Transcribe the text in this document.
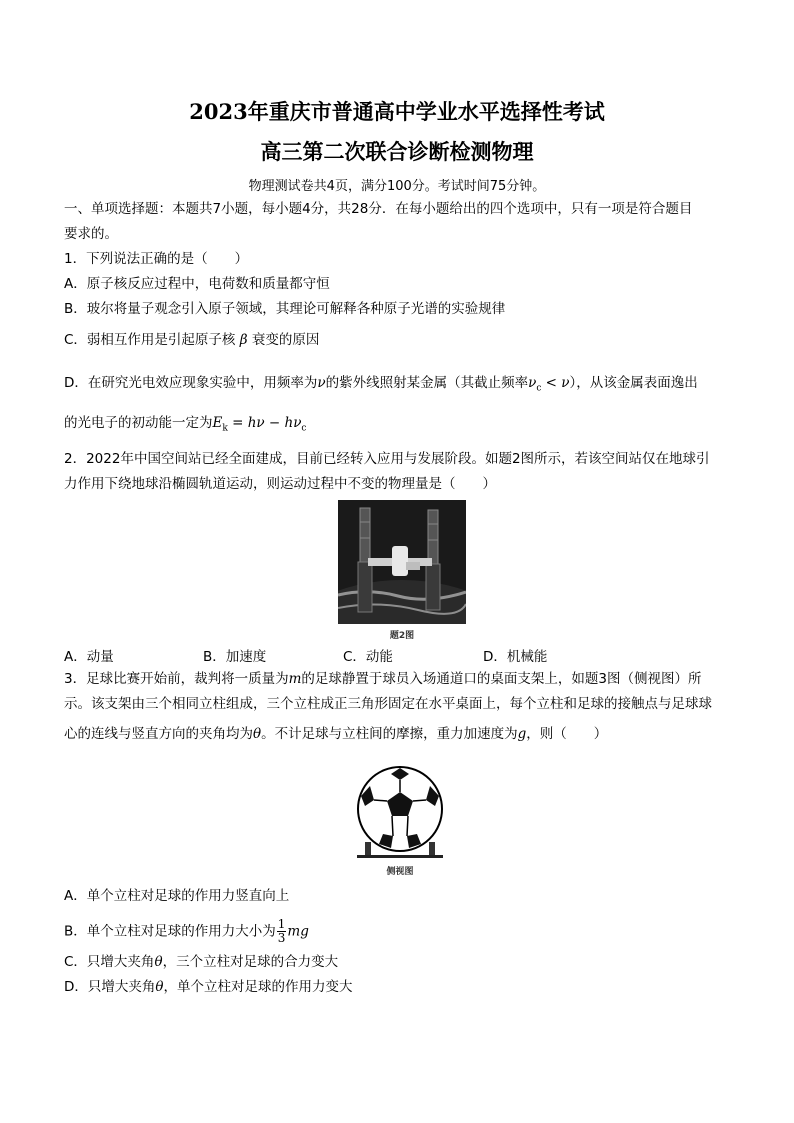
2023年重庆市普通高中学业水平选择性考试
高三第二次联合诊断检测物理
物理测试卷共4页，满分100分。考试时间75分钟。
一、单项选择题：本题共7小题，每小题4分，共28分．在每小题给出的四个选项中，只有一项是符合题目
要求的。
1．下列说法正确的是（　　）
A．原子核反应过程中，电荷数和质量都守恒
B．玻尔将量子观念引入原子领域，其理论可解释各种原子光谱的实验规律
C．弱相互作用是引起原子核 β 衰变的原因
D．在研究光电效应现象实验中，用频率为ν的紫外线照射某金属（其截止频率$\nu_c < \nu$），从该金属表面逸出
的光电子的初动能一定为$E_k = h\nu - h\nu_c$
2．2022年中国空间站已经全面建成，目前已经转入应用与发展阶段。如题2图所示，若该空间站仅在地球引
力作用下绕地球沿椭圆轨道运动，则运动过程中不变的物理量是（　　）
题2图
A．动量	B．加速度	C．动能	D．机械能
3．足球比赛开始前，裁判将一质量为m的足球静置于球员入场通道口的桌面支架上，如题3图（侧视图）所
示。该支架由三个相同立柱组成，三个立柱成正三角形固定在水平桌面上，每个立柱和足球的接触点与足球球
心的连线与竖直方向的夹角均为θ。不计足球与立柱间的摩擦，重力加速度为g，则（　　）
侧视图
A．单个立柱对足球的作用力竖直向上
B．单个立柱对足球的作用力大小为 $\frac{1}{3}$ mg
C．只增大夹角θ，三个立柱对足球的合力变大
D．只增大夹角θ，单个立柱对足球的作用力变大
